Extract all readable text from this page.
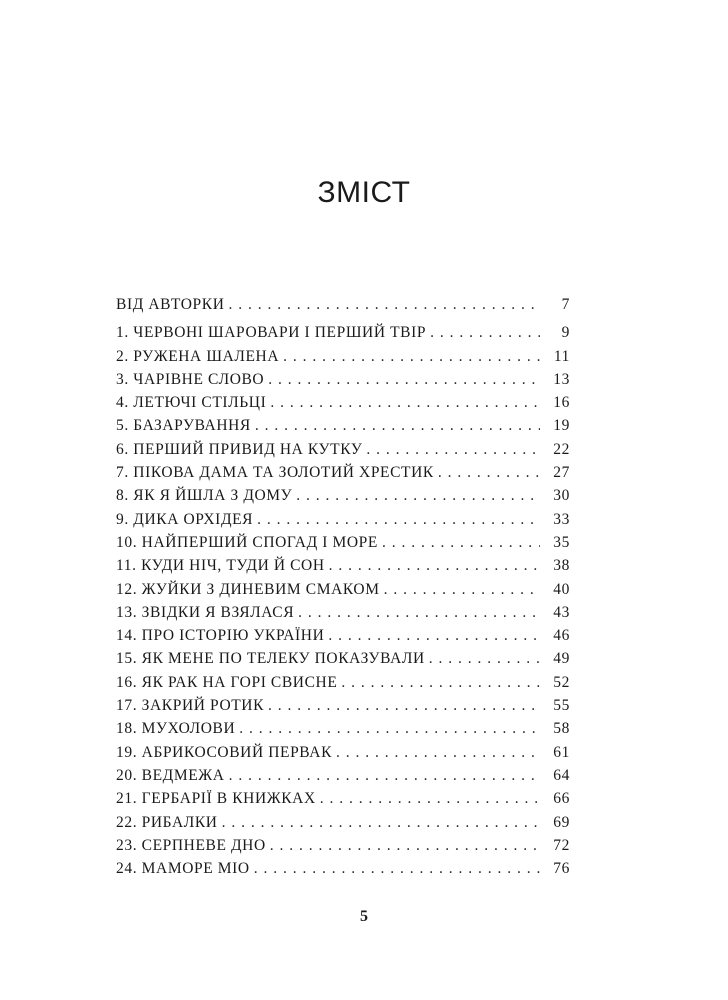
ЗМІСТ
ВІД АВТОРКИ . . .	7
1. ЧЕРВОНІ ШАРОВАРИ І ПЕРШИЙ ТВІР . . .	9
2. РУЖЕНА ШАЛЕНА . . .	11
3. ЧАРІВНЕ СЛОВО . . .	13
4. ЛЕТЮЧІ СТІЛЬЦІ . . .	16
5. БАЗАРУВАННЯ . . .	19
6. ПЕРШИЙ ПРИВИД НА КУТКУ . . .	22
7. ПІКОВА ДАМА ТА ЗОЛОТИЙ ХРЕСТИК . . .	27
8. ЯК Я ЙШЛА З ДОМУ . . .	30
9. ДИКА ОРХІДЕЯ . . .	33
10. НАЙПЕРШИЙ СПОГАД І МОРЕ . . .	35
11. КУДИ НІЧ, ТУДИ Й СОН . . .	38
12. ЖУЙКИ З ДИНЕВИМ СМАКОМ . . .	40
13. ЗВІДКИ Я ВЗЯЛАСЯ . . .	43
14. ПРО ІСТОРІЮ УКРАЇНИ . . .	46
15. ЯК МЕНЕ ПО ТЕЛЕКУ ПОКАЗУВАЛИ . . .	49
16. ЯК РАК НА ГОРІ СВИСНЕ . . .	52
17. ЗАКРИЙ РОТИК . . .	55
18. МУХОЛОВИ . . .	58
19. АБРИКОСОВИЙ ПЕРВАК . . .	61
20. ВЕДМЕЖА . . .	64
21. ГЕРБАРІЇ В КНИЖКАХ . . .	66
22. РИБАЛКИ . . .	69
23. СЕРПНЕВЕ ДНО . . .	72
24. МАМОРЕ МІО . . .	76
5
